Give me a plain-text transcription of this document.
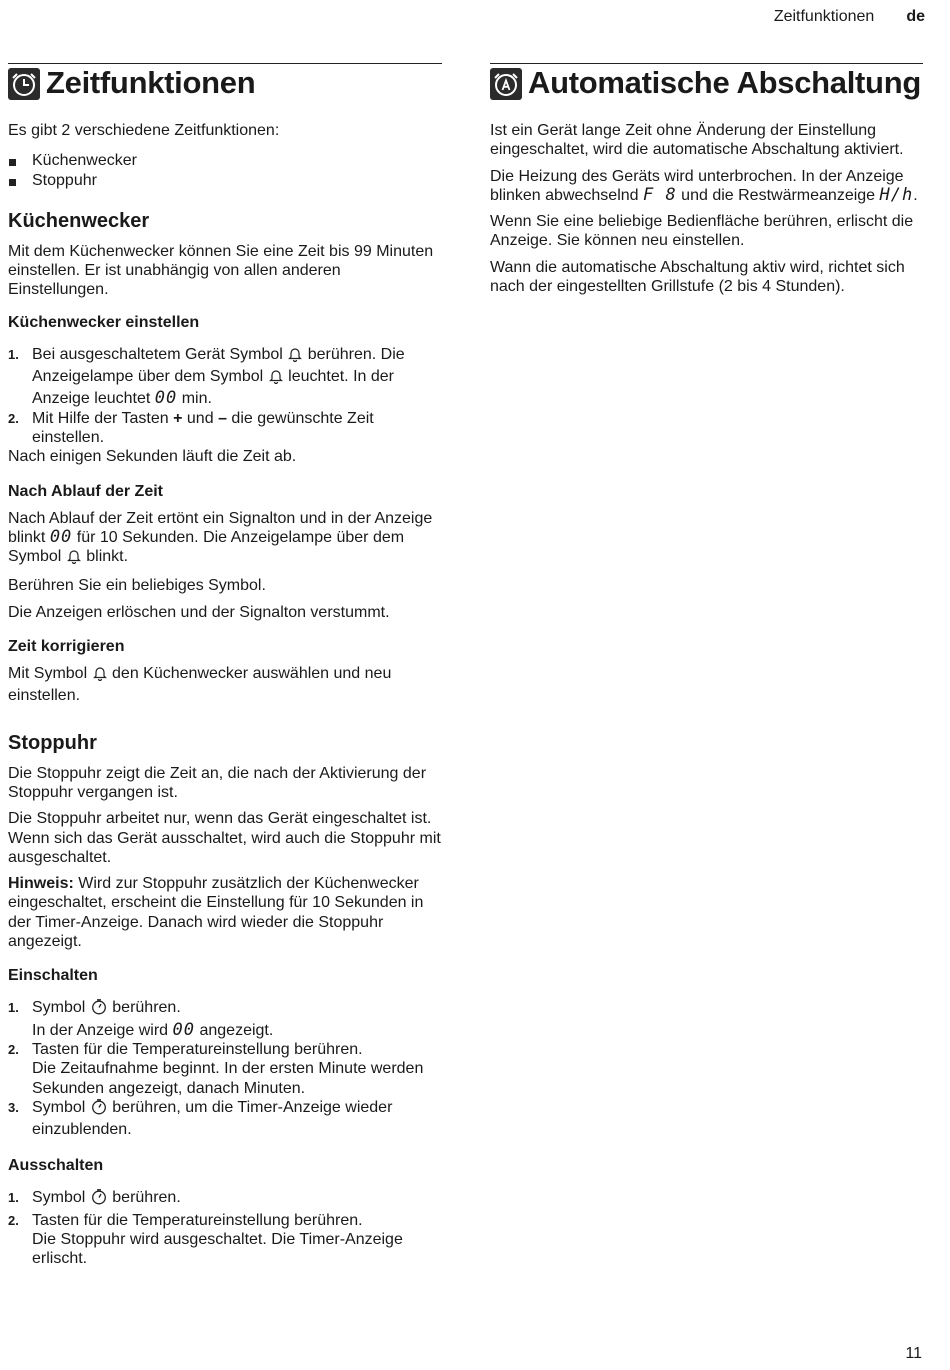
Zeitfunktionen de
Zeitfunktionen

Es gibt 2 verschiedene Zeitfunktionen:

Küchenwecker
Stoppuhr
Küchenwecker

Mit dem Küchenwecker können Sie eine Zeit bis 99 Minuten einstellen. Er ist unabhängig von allen anderen Einstellungen.

Küchenwecker einstellen
1. Bei ausgeschaltetem Gerät Symbol berühren. Die Anzeigelampe über dem Symbol leuchtet. In der Anzeige leuchtet 00 min.
2. Mit Hilfe der Tasten + und – die gewünschte Zeit einstellen.

Nach einigen Sekunden läuft die Zeit ab.

Nach Ablauf der Zeit

Nach Ablauf der Zeit ertönt ein Signalton und in der Anzeige blinkt 00 für 10 Sekunden. Die Anzeigelampe über dem Symbol blinkt.

Berühren Sie ein beliebiges Symbol.

Die Anzeigen erlöschen und der Signalton verstummt.

Zeit korrigieren

Mit Symbol den Küchenwecker auswählen und neu einstellen.

Stoppuhr

Die Stoppuhr zeigt die Zeit an, die nach der Aktivierung der Stoppuhr vergangen ist.

Die Stoppuhr arbeitet nur, wenn das Gerät eingeschaltet ist. Wenn sich das Gerät ausschaltet, wird auch die Stoppuhr mit ausgeschaltet.

Hinweis: Wird zur Stoppuhr zusätzlich der Küchenwecker eingeschaltet, erscheint die Einstellung für 10 Sekunden in der Timer-Anzeige. Danach wird wieder die Stoppuhr angezeigt.

Einschalten
1. Symbol berühren.
In der Anzeige wird 00 angezeigt.
2. Tasten für die Temperatureinstellung berühren.
Die Zeitaufnahme beginnt. In der ersten Minute werden Sekunden angezeigt, danach Minuten.
3. Symbol berühren, um die Timer-Anzeige wieder einzublenden.
Ausschalten
1. Symbol berühren.
2. Tasten für die Temperatureinstellung berühren.
Die Stoppuhr wird ausgeschaltet. Die Timer-Anzeige erlischt.
Automatische Abschaltung

Ist ein Gerät lange Zeit ohne Änderung der Einstellung eingeschaltet, wird die automatische Abschaltung aktiviert.

Die Heizung des Geräts wird unterbrochen. In der Anzeige blinken abwechselnd F 8 und die Restwärmeanzeige H/h.

Wenn Sie eine beliebige Bedienfläche berühren, erlischt die Anzeige. Sie können neu einstellen.

Wann die automatische Abschaltung aktiv wird, richtet sich nach der eingestellten Grillstufe (2 bis 4 Stunden).

11
